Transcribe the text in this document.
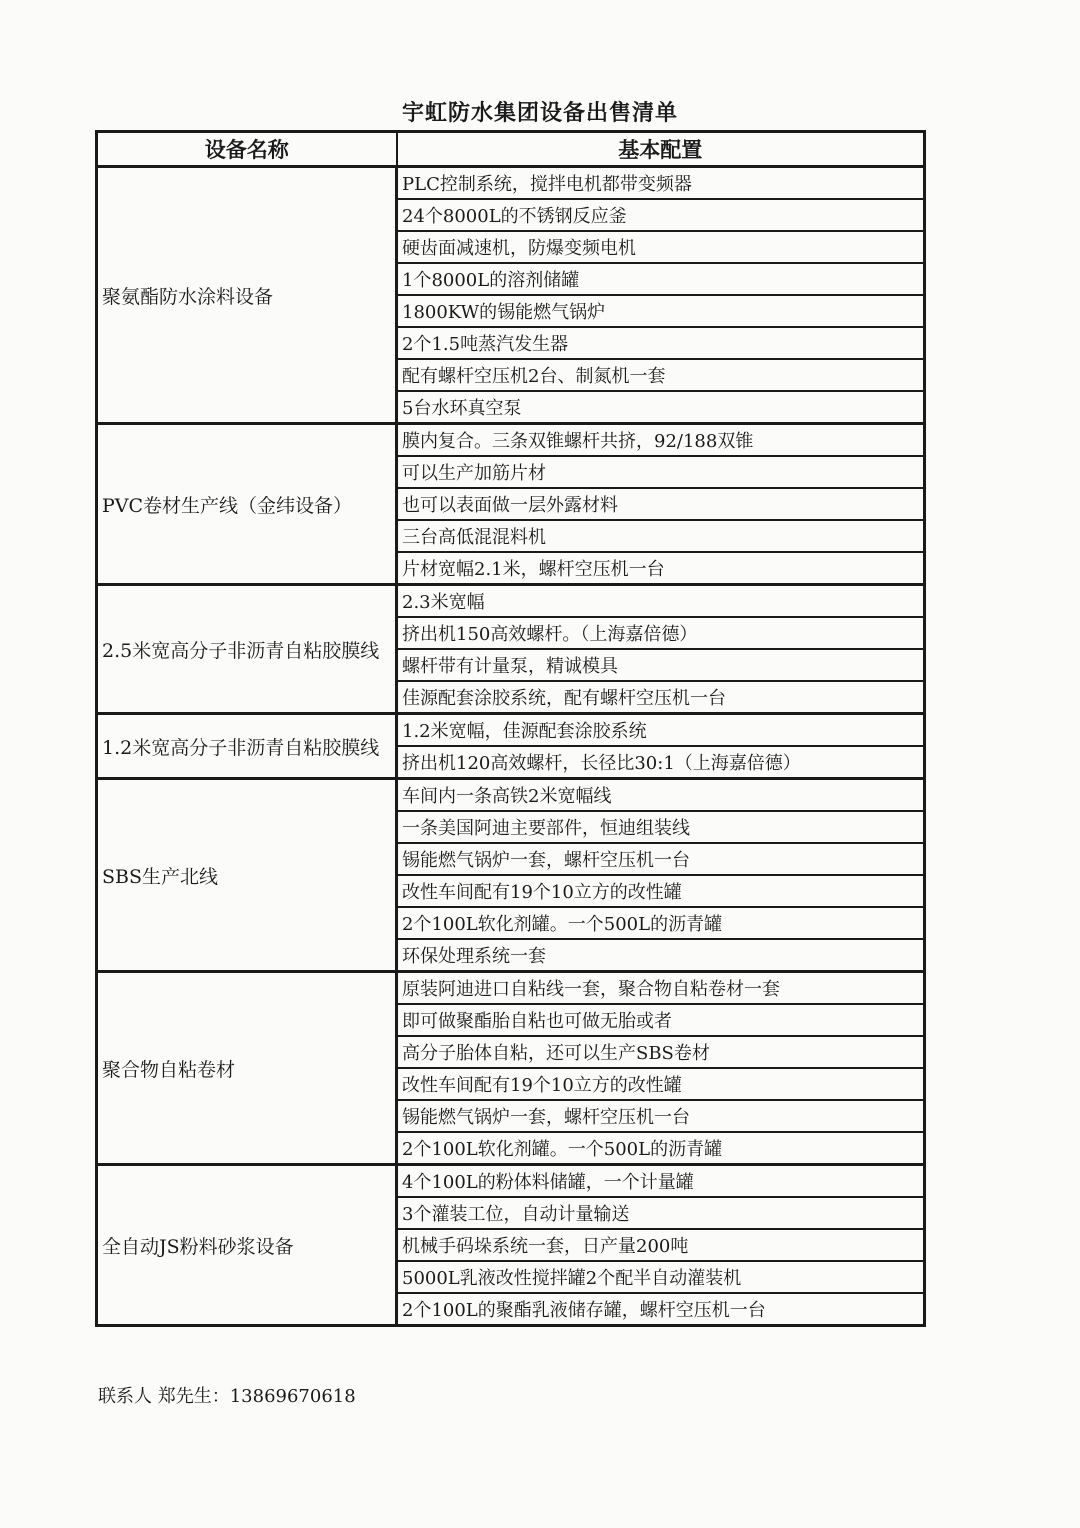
宇虹防水集团设备出售清单
设备名称	基本配置
聚氨酯防水涂料设备	PLC控制系统，搅拌电机都带变频器
	24个8000L的不锈钢反应釜
	硬齿面减速机，防爆变频电机
	1个8000L的溶剂储罐
	1800KW的锡能燃气锅炉
	2个1.5吨蒸汽发生器
	配有螺杆空压机2台、制氮机一套
	5台水环真空泵
PVC卷材生产线（金纬设备）	膜内复合。三条双锥螺杆共挤，92/188双锥
	可以生产加筋片材
	也可以表面做一层外露材料
	三台高低混混料机
	片材宽幅2.1米，螺杆空压机一台
2.5米宽高分子非沥青自粘胶膜线	2.3米宽幅
	挤出机150高效螺杆。（上海嘉倍德）
	螺杆带有计量泵，精诚模具
	佳源配套涂胶系统，配有螺杆空压机一台
1.2米宽高分子非沥青自粘胶膜线	1.2米宽幅，佳源配套涂胶系统
	挤出机120高效螺杆，长径比30:1（上海嘉倍德）
SBS生产北线	车间内一条高铁2米宽幅线
	一条美国阿迪主要部件，恒迪组装线
	锡能燃气锅炉一套，螺杆空压机一台
	改性车间配有19个10立方的改性罐
	2个100L软化剂罐。一个500L的沥青罐
	环保处理系统一套
聚合物自粘卷材	原装阿迪进口自粘线一套，聚合物自粘卷材一套
	即可做聚酯胎自粘也可做无胎或者
	高分子胎体自粘，还可以生产SBS卷材
	改性车间配有19个10立方的改性罐
	锡能燃气锅炉一套，螺杆空压机一台
	2个100L软化剂罐。一个500L的沥青罐
全自动JS粉料砂浆设备	4个100L的粉体料储罐，一个计量罐
	3个灌装工位，自动计量输送
	机械手码垛系统一套，日产量200吨
	5000L乳液改性搅拌罐2个配半自动灌装机
	2个100L的聚酯乳液储存罐，螺杆空压机一台
联系人 郑先生：13869670618
